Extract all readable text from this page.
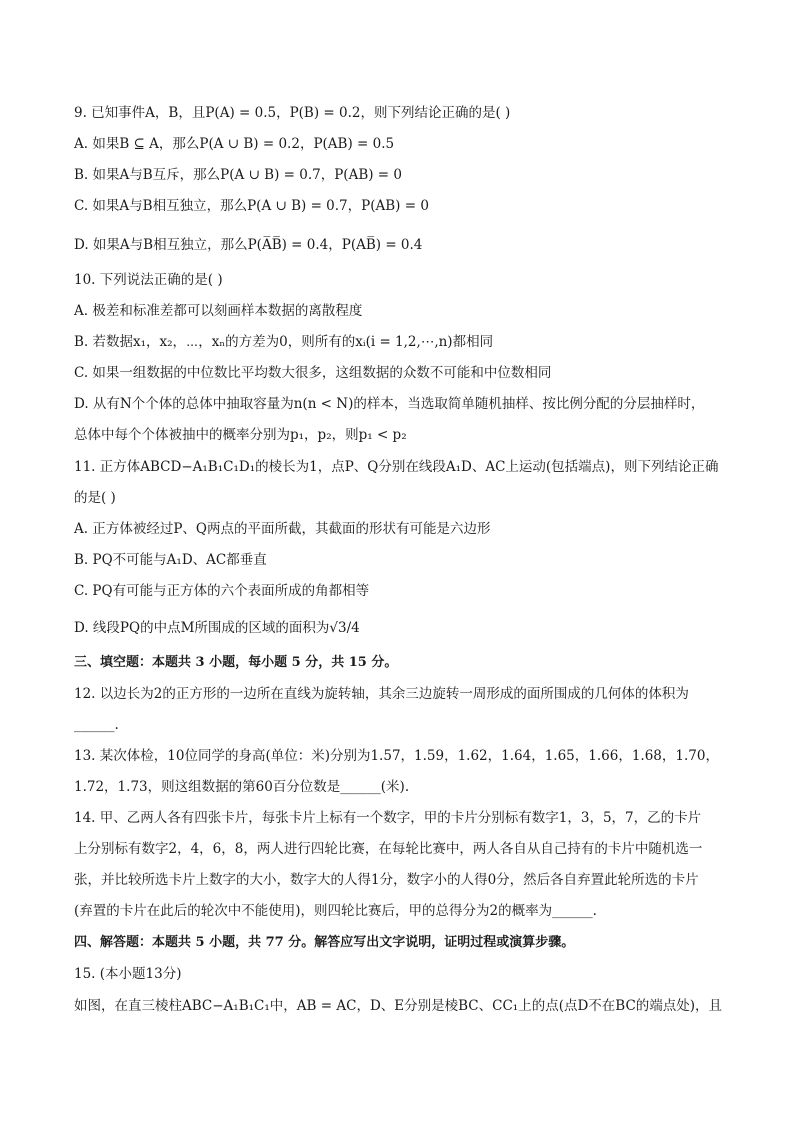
9. 已知事件A，B，且P(A) = 0.5，P(B) = 0.2，则下列结论正确的是( )
A. 如果B ⊆ A，那么P(A ∪ B) = 0.2，P(AB) = 0.5
B. 如果A与B互斥，那么P(A ∪ B) = 0.7，P(AB) = 0
C. 如果A与B相互独立，那么P(A ∪ B) = 0.7，P(AB) = 0
D. 如果A与B相互独立，那么P(A̅B̅) = 0.4，P(AB̅) = 0.4
10. 下列说法正确的是( )
A. 极差和标准差都可以刻画样本数据的离散程度
B. 若数据x₁，x₂，⋯，xₙ的方差为0，则所有的xᵢ(i = 1,2,⋯,n)都相同
C. 如果一组数据的中位数比平均数大很多，这组数据的众数不可能和中位数相同
D. 从有N个个体的总体中抽取容量为n(n < N)的样本，当选取简单随机抽样、按比例分配的分层抽样时，
总体中每个个体被抽中的概率分别为p₁，p₂，则p₁ < p₂
11. 正方体ABCD−A₁B₁C₁D₁的棱长为1，点P、Q分别在线段A₁D、AC上运动(包括端点)，则下列结论正确
的是( )
A. 正方体被经过P、Q两点的平面所截，其截面的形状有可能是六边形
B. PQ不可能与A₁D、AC都垂直
C. PQ有可能与正方体的六个表面所成的角都相等
D. 线段PQ的中点M所围成的区域的面积为√3/4
三、填空题：本题共 3 小题，每小题 5 分，共 15 分。
12. 以边长为2的正方形的一边所在直线为旋转轴，其余三边旋转一周形成的面所围成的几何体的体积为
______.
13. 某次体检，10位同学的身高(单位：米)分别为1.57，1.59，1.62，1.64，1.65，1.66，1.68，1.70，
1.72，1.73，则这组数据的第60百分位数是______(米).
14. 甲、乙两人各有四张卡片，每张卡片上标有一个数字，甲的卡片分别标有数字1，3，5，7，乙的卡片
上分别标有数字2，4，6，8，两人进行四轮比赛，在每轮比赛中，两人各自从自己持有的卡片中随机选一
张，并比较所选卡片上数字的大小，数字大的人得1分，数字小的人得0分，然后各自弃置此轮所选的卡片
(弃置的卡片在此后的轮次中不能使用)，则四轮比赛后，甲的总得分为2的概率为______.
四、解答题：本题共 5 小题，共 77 分。解答应写出文字说明，证明过程或演算步骤。
15. (本小题13分)
如图，在直三棱柱ABC−A₁B₁C₁中，AB = AC，D、E分别是棱BC、CC₁上的点(点D不在BC的端点处)，且
